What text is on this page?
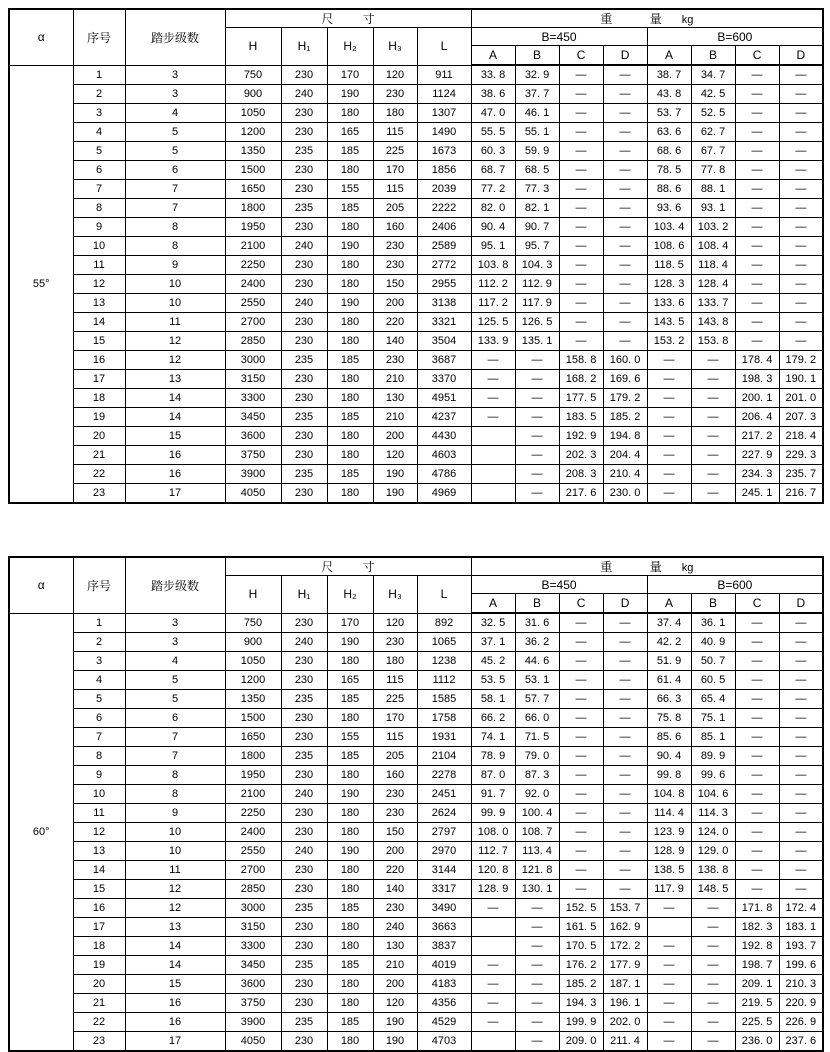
α	序号	踏步级数	尺 寸					重 量 kg							
			H	H₁	H₂	H₃	L	B=450				B=600			
								A	B	C	D	A	B	C	D
55°	1	3	750	230	170	120	911	33. 8	32. 9	—	—	38. 7	34. 7	—	—
	2	3	900	240	190	230	1124	38. 6	37. 7	—	—	43. 8	42. 5	—	—
	3	4	1050	230	180	180	1307	47. 0	46. 1	—	—	53. 7	52. 5	—	—
	4	5	1200	230	165	115	1490	55. 5	55. 1	—	—	63. 6	62. 7	—	—
	5	5	1350	235	185	225	1673	60. 3	59. 9	—	—	68. 6	67. 7	—	—
	6	6	1500	230	180	170	1856	68. 7	68. 5	—	—	78. 5	77. 8	—	—
	7	7	1650	230	155	115	2039	77. 2	77. 3	—	—	88. 6	88. 1	—	—
	8	7	1800	235	185	205	2222	82. 0	82. 1	—	—	93. 6	93. 1	—	—
	9	8	1950	230	180	160	2406	90. 4	90. 7	—	—	103. 4	103. 2	—	—
	10	8	2100	240	190	230	2589	95. 1	95. 7	—	—	108. 6	108. 4	—	—
	11	9	2250	230	180	230	2772	103. 8	104. 3	—	—	118. 5	118. 4	—	—
	12	10	2400	230	180	150	2955	112. 2	112. 9	—	—	128. 3	128. 4	—	—
	13	10	2550	240	190	200	3138	117. 2	117. 9	—	—	133. 6	133. 7	—	—
	14	11	2700	230	180	220	3321	125. 5	126. 5	—	—	143. 5	143. 8	—	—
	15	12	2850	230	180	140	3504	133. 9	135. 1	—	—	153. 2	153. 8	—	—
	16	12	3000	235	185	230	3687	—	—	158. 8	160. 0	—	—	178. 4	179. 2
	17	13	3150	230	180	210	3370	—	—	168. 2	169. 6	—	—	198. 3	190. 1
	18	14	3300	230	180	130	4951	—	—	177. 5	179. 2	—	—	200. 1	201. 0
	19	14	3450	235	185	210	4237	—	—	183. 5	185. 2	—	—	206. 4	207. 3
	20	15	3600	230	180	200	4430		—	192. 9	194. 8	—	—	217. 2	218. 4
	21	16	3750	230	180	120	4603		—	202. 3	204. 4	—	—	227. 9	229. 3
	22	16	3900	235	185	190	4786		—	208. 3	210. 4	—	—	234. 3	235. 7
	23	17	4050	230	180	190	4969		—	217. 6	230. 0	—	—	245. 1	216. 7
α	序号	踏步级数	尺 寸					重 量 kg							
			H	H₁	H₂	H₃	L	B=450				B=600			
								A	B	C	D	A	B	C	D
60°	1	3	750	230	170	120	892	32. 5	31. 6	—	—	37. 4	36. 1	—	—
	2	3	900	240	190	230	1065	37. 1	36. 2	—	—	42. 2	40. 9	—	—
	3	4	1050	230	180	180	1238	45. 2	44. 6	—	—	51. 9	50. 7	—	—
	4	5	1200	230	165	115	1112	53. 5	53. 1	—	—	61. 4	60. 5	—	—
	5	5	1350	235	185	225	1585	58. 1	57. 7	—	—	66. 3	65. 4	—	—
	6	6	1500	230	180	170	1758	66. 2	66. 0	—	—	75. 8	75. 1	—	—
	7	7	1650	230	155	115	1931	74. 1	71. 5	—	—	85. 6	85. 1	—	—
	8	7	1800	235	185	205	2104	78. 9	79. 0	—	—	90. 4	89. 9	—	—
	9	8	1950	230	180	160	2278	87. 0	87. 3	—	—	99. 8	99. 6	—	—
	10	8	2100	240	190	230	2451	91. 7	92. 0	—	—	104. 8	104. 6	—	—
	11	9	2250	230	180	230	2624	99. 9	100. 4	—	—	114. 4	114. 3	—	—
	12	10	2400	230	180	150	2797	108. 0	108. 7	—	—	123. 9	124. 0	—	—
	13	10	2550	240	190	200	2970	112. 7	113. 4	—	—	128. 9	129. 0	—	—
	14	11	2700	230	180	220	3144	120. 8	121. 8	—	—	138. 5	138. 8	—	—
	15	12	2850	230	180	140	3317	128. 9	130. 1	—	—	117. 9	148. 5	—	—
	16	12	3000	235	185	230	3490	—	—	152. 5	153. 7	—	—	171. 8	172. 4
	17	13	3150	230	180	240	3663		—	161. 5	162. 9		—	182. 3	183. 1
	18	14	3300	230	180	130	3837		—	170. 5	172. 2	—	—	192. 8	193. 7
	19	14	3450	235	185	210	4019	—	—	176. 2	177. 9	—	—	198. 7	199. 6
	20	15	3600	230	180	200	4183	—	—	185. 2	187. 1	—	—	209. 1	210. 3
	21	16	3750	230	180	120	4356	—	—	194. 3	196. 1	—	—	219. 5	220. 9
	22	16	3900	235	185	190	4529	—	—	199. 9	202. 0	—	—	225. 5	226. 9
	23	17	4050	230	180	190	4703		—	209. 0	211. 4	—	—	236. 0	237. 6
